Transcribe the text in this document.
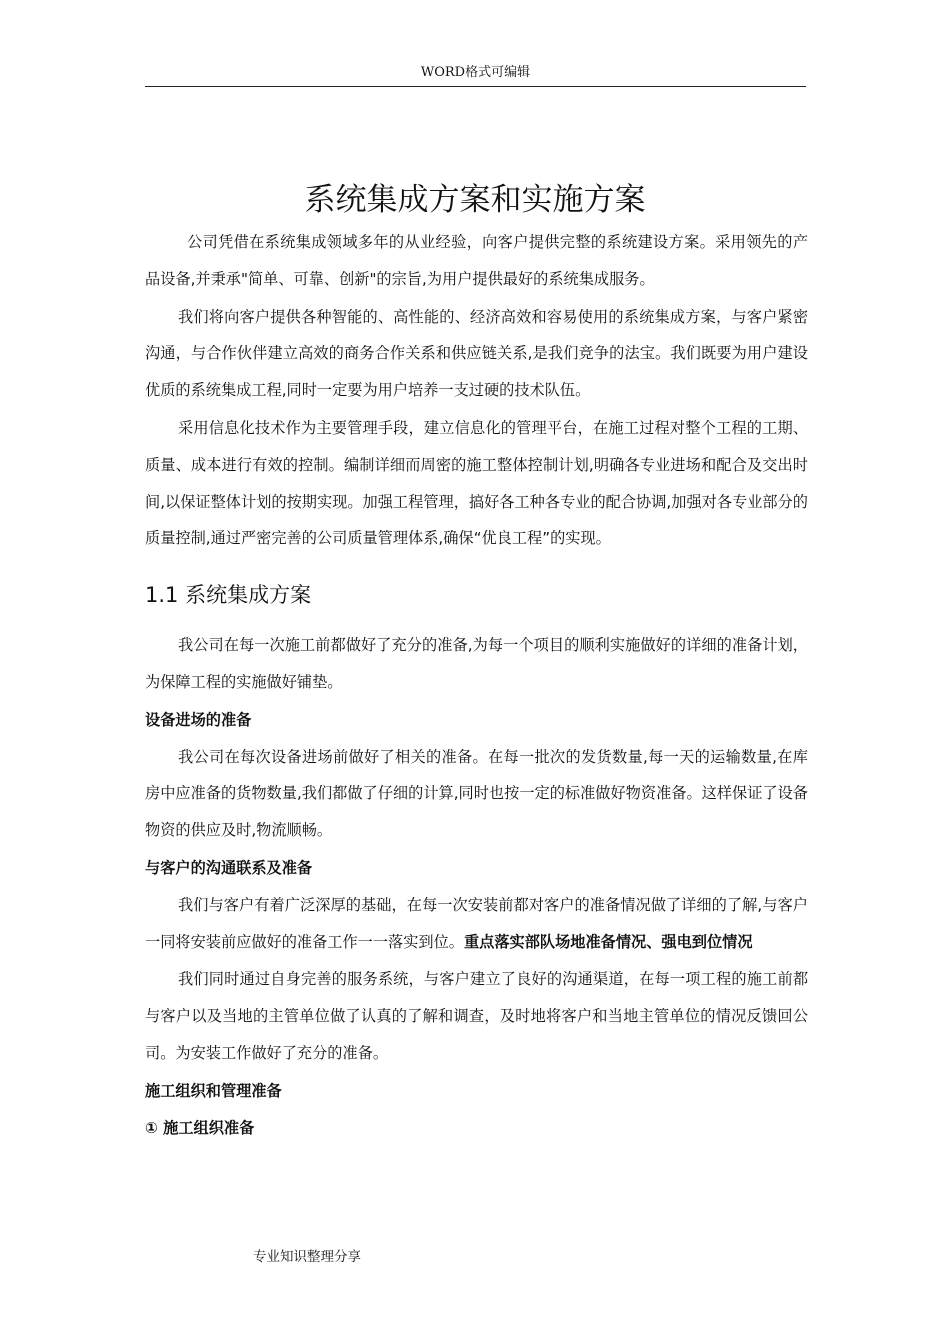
WORD格式可编辑
系统集成方案和实施方案

公司凭借在系统集成领域多年的从业经验，向客户提供完整的系统建设方案。采用领先的产品设备,并秉承"简单、可靠、创新"的宗旨,为用户提供最好的系统集成服务。

我们将向客户提供各种智能的、高性能的、经济高效和容易使用的系统集成方案，与客户紧密沟通，与合作伙伴建立高效的商务合作关系和供应链关系,是我们竞争的法宝。我们既要为用户建设优质的系统集成工程,同时一定要为用户培养一支过硬的技术队伍。

采用信息化技术作为主要管理手段，建立信息化的管理平台，在施工过程对整个工程的工期、质量、成本进行有效的控制。编制详细而周密的施工整体控制计划,明确各专业进场和配合及交出时间,以保证整体计划的按期实现。加强工程管理，搞好各工种各专业的配合协调,加强对各专业部分的质量控制,通过严密完善的公司质量管理体系,确保“优良工程”的实现。

1.1 系统集成方案

我公司在每一次施工前都做好了充分的准备,为每一个项目的顺利实施做好的详细的准备计划，为保障工程的实施做好铺垫。

设备进场的准备

我公司在每次设备进场前做好了相关的准备。在每一批次的发货数量,每一天的运输数量,在库房中应准备的货物数量,我们都做了仔细的计算,同时也按一定的标准做好物资准备。这样保证了设备物资的供应及时,物流顺畅。

与客户的沟通联系及准备

我们与客户有着广泛深厚的基础，在每一次安装前都对客户的准备情况做了详细的了解,与客户一同将安装前应做好的准备工作一一落实到位。重点落实部队场地准备情况、强电到位情况

我们同时通过自身完善的服务系统，与客户建立了良好的沟通渠道，在每一项工程的施工前都与客户以及当地的主管单位做了认真的了解和调查，及时地将客户和当地主管单位的情况反馈回公司。为安装工作做好了充分的准备。

施工组织和管理准备
① 施工组织准备
专业知识整理分享
